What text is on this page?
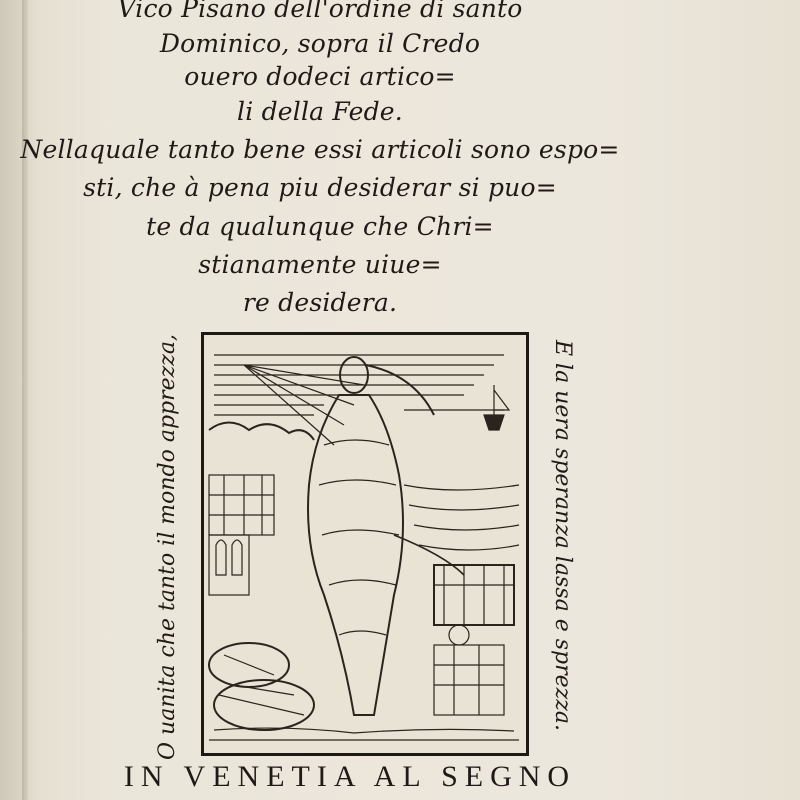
Vico Pisano dell'ordine di santo
Dominico, sopra il Credo
ouero dodeci artico=
li della Fede.
Nellaquale tanto bene essi articoli sono espo=
sti, che à pena piu desiderar si puo=
te da qualunque che Chri=
stianamente uiue=
re desidera.
O uanita che tanto il mondo apprezza,	E la uera speranza lassa e sprezza.
IN VENETIA AL SEGNO
